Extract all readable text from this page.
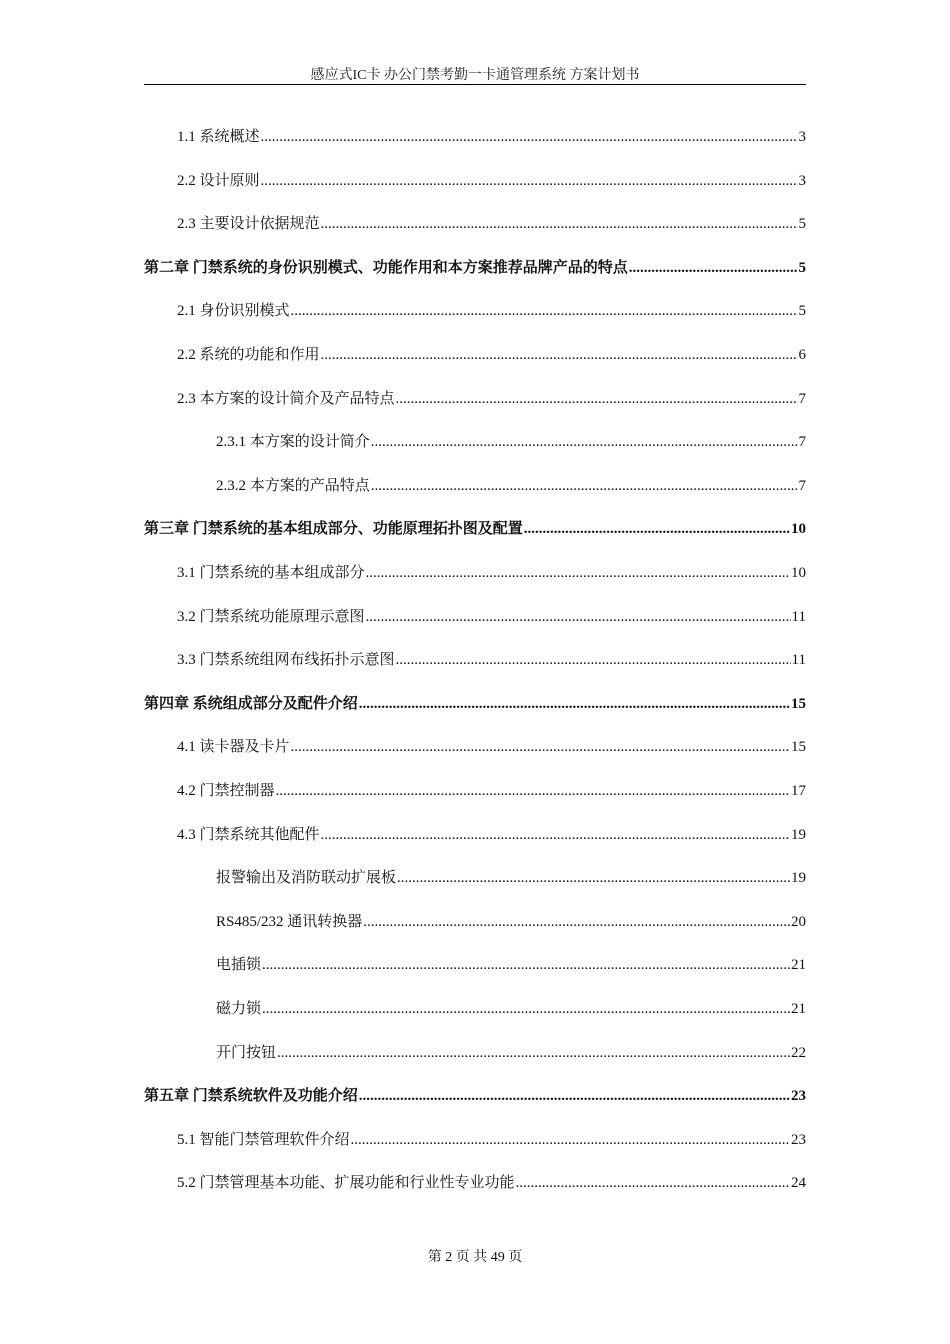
感应式IC卡 办公门禁考勤一卡通管理系统 方案计划书
1.1 系统概述 .....	3
2.2 设计原则 .....	3
2.3 主要设计依据规范 .....	5
第二章 门禁系统的身份识别模式、功能作用和本方案推荐品牌产品的特点 .....	5
2.1 身份识别模式 .....	5
2.2 系统的功能和作用 .....	6
2.3 本方案的设计简介及产品特点 .....	7
2.3.1 本方案的设计简介 .....	7
2.3.2 本方案的产品特点 .....	7
第三章 门禁系统的基本组成部分、功能原理拓扑图及配置 .....	10
3.1 门禁系统的基本组成部分 .....	10
3.2 门禁系统功能原理示意图 .....	11
3.3 门禁系统组网布线拓扑示意图 .....	11
第四章 系统组成部分及配件介绍 .....	15
4.1 读卡器及卡片 .....	15
4.2 门禁控制器 .....	17
4.3 门禁系统其他配件 .....	19
报警输出及消防联动扩展板 .....	19
RS485/232 通讯转换器 .....	20
电插锁 .....	21
磁力锁 .....	21
开门按钮 .....	22
第五章 门禁系统软件及功能介绍 .....	23
5.1 智能门禁管理软件介绍 .....	23
5.2 门禁管理基本功能、扩展功能和行业性专业功能 .....	24
第 2 页 共 49 页
